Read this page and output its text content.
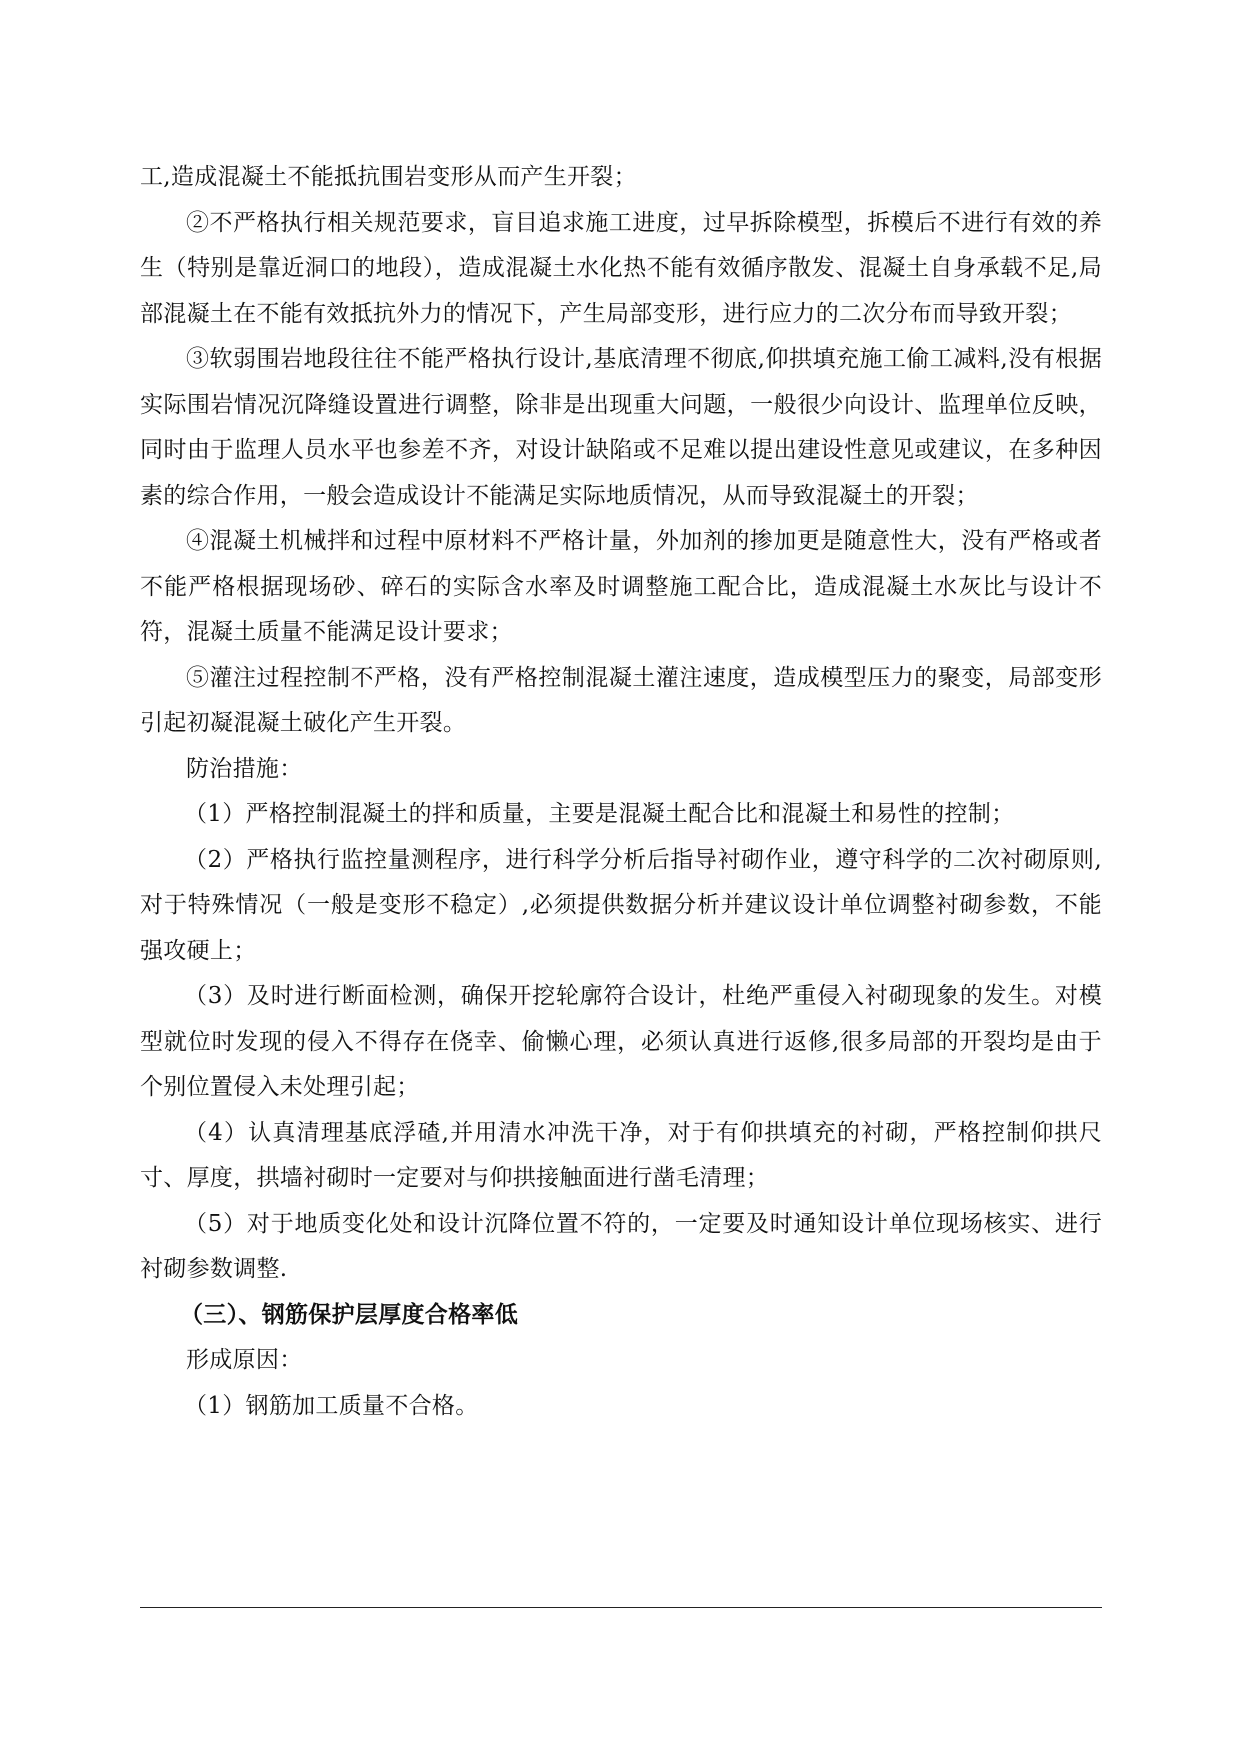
工,造成混凝土不能抵抗围岩变形从而产生开裂；

②不严格执行相关规范要求，盲目追求施工进度，过早拆除模型，拆模后不进行有效的养生（特别是靠近洞口的地段），造成混凝土水化热不能有效循序散发、混凝土自身承载不足,局部混凝土在不能有效抵抗外力的情况下，产生局部变形，进行应力的二次分布而导致开裂；

③软弱围岩地段往往不能严格执行设计,基底清理不彻底,仰拱填充施工偷工减料,没有根据实际围岩情况沉降缝设置进行调整，除非是出现重大问题，一般很少向设计、监理单位反映，同时由于监理人员水平也参差不齐，对设计缺陷或不足难以提出建设性意见或建议，在多种因素的综合作用，一般会造成设计不能满足实际地质情况，从而导致混凝土的开裂；

④混凝土机械拌和过程中原材料不严格计量，外加剂的掺加更是随意性大，没有严格或者不能严格根据现场砂、碎石的实际含水率及时调整施工配合比，造成混凝土水灰比与设计不符，混凝土质量不能满足设计要求；

⑤灌注过程控制不严格，没有严格控制混凝土灌注速度，造成模型压力的聚变，局部变形引起初凝混凝土破化产生开裂。

防治措施：

（1）严格控制混凝土的拌和质量，主要是混凝土配合比和混凝土和易性的控制；

（2）严格执行监控量测程序，进行科学分析后指导衬砌作业，遵守科学的二次衬砌原则,对于特殊情况（一般是变形不稳定）,必须提供数据分析并建议设计单位调整衬砌参数，不能强攻硬上；

（3）及时进行断面检测，确保开挖轮廓符合设计，杜绝严重侵入衬砌现象的发生。对模型就位时发现的侵入不得存在侥幸、偷懒心理，必须认真进行返修,很多局部的开裂均是由于个别位置侵入未处理引起；

（4）认真清理基底浮碴,并用清水冲洗干净，对于有仰拱填充的衬砌，严格控制仰拱尺寸、厚度，拱墙衬砌时一定要对与仰拱接触面进行凿毛清理；

（5）对于地质变化处和设计沉降位置不符的，一定要及时通知设计单位现场核实、进行衬砌参数调整.

（三）、钢筋保护层厚度合格率低

形成原因：

（1）钢筋加工质量不合格。
